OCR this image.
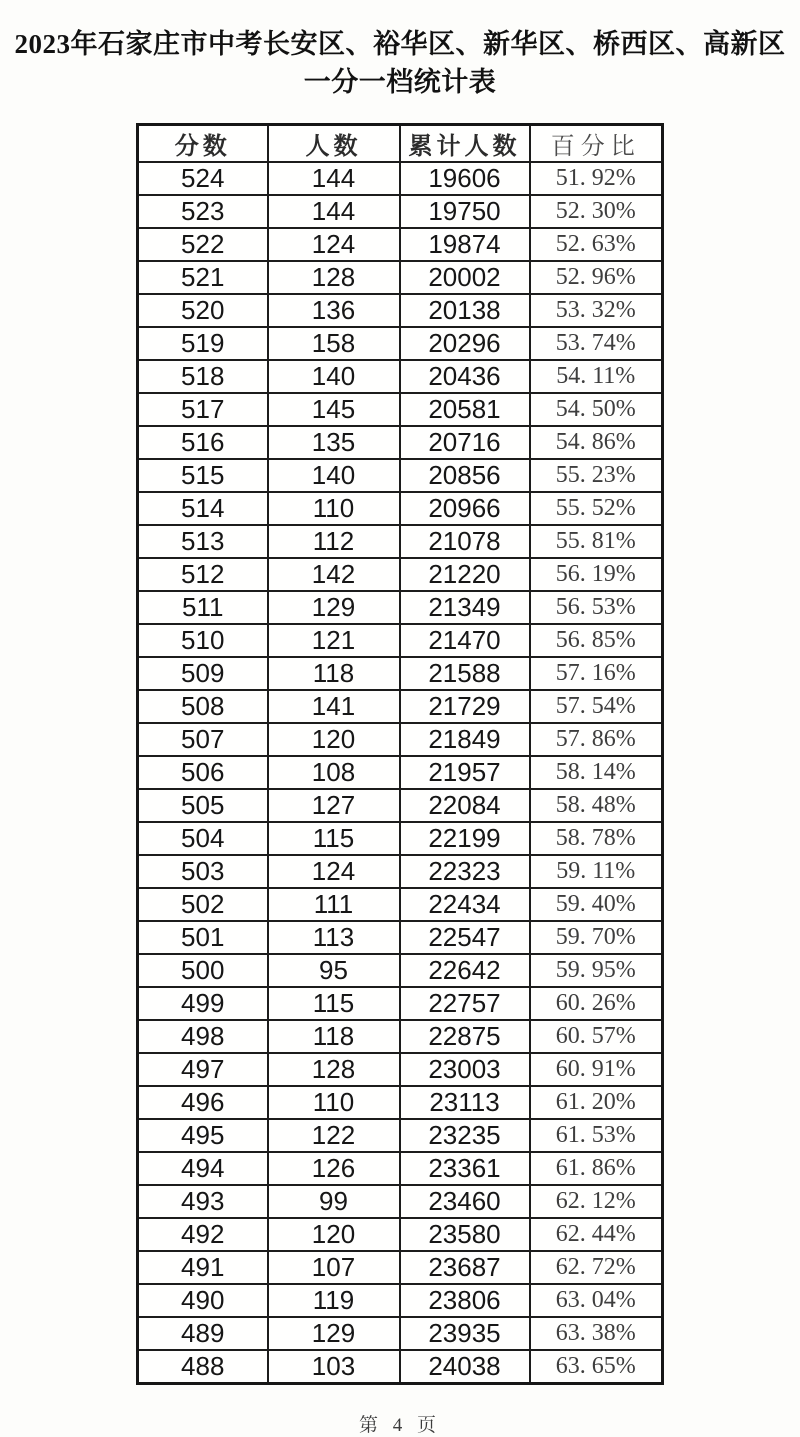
2023年石家庄市中考长安区、裕华区、新华区、桥西区、高新区
一分一档统计表
分数	人数	累计人数	百分比
524	144	19606	51. 92%
523	144	19750	52. 30%
522	124	19874	52. 63%
521	128	20002	52. 96%
520	136	20138	53. 32%
519	158	20296	53. 74%
518	140	20436	54. 11%
517	145	20581	54. 50%
516	135	20716	54. 86%
515	140	20856	55. 23%
514	110	20966	55. 52%
513	112	21078	55. 81%
512	142	21220	56. 19%
511	129	21349	56. 53%
510	121	21470	56. 85%
509	118	21588	57. 16%
508	141	21729	57. 54%
507	120	21849	57. 86%
506	108	21957	58. 14%
505	127	22084	58. 48%
504	115	22199	58. 78%
503	124	22323	59. 11%
502	111	22434	59. 40%
501	113	22547	59. 70%
500	95	22642	59. 95%
499	115	22757	60. 26%
498	118	22875	60. 57%
497	128	23003	60. 91%
496	110	23113	61. 20%
495	122	23235	61. 53%
494	126	23361	61. 86%
493	99	23460	62. 12%
492	120	23580	62. 44%
491	107	23687	62. 72%
490	119	23806	63. 04%
489	129	23935	63. 38%
488	103	24038	63. 65%
第 4 页
